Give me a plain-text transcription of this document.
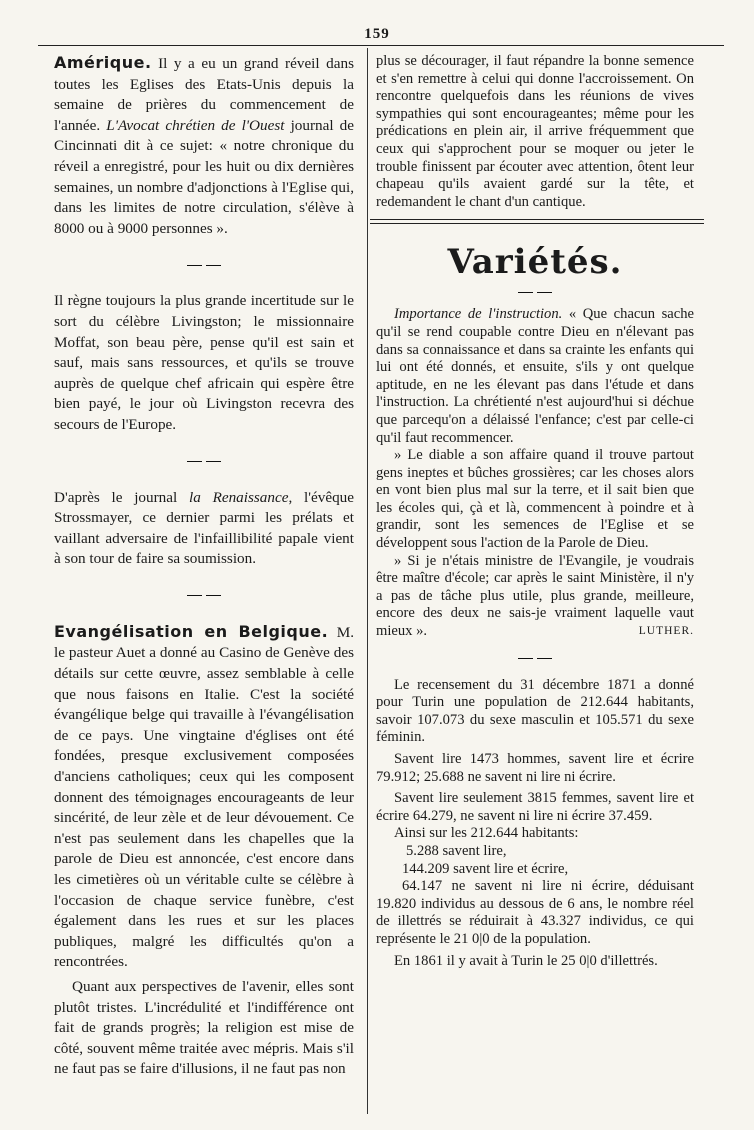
159

Amérique. Il y a eu un grand réveil dans toutes les Eglises des Etats-Unis depuis la semaine de prières du commencement de l'année. L'Avocat chrétien de l'Ouest journal de Cincinnati dit à ce sujet: « notre chronique du réveil a enregistré, pour les huit ou dix dernières semaines, un nombre d'adjonctions à l'Eglise qui, dans les limites de notre circulation, s'élève à 8000 ou à 9000 personnes ».

Il règne toujours la plus grande incertitude sur le sort du célèbre Livingston; le missionnaire Moffat, son beau père, pense qu'il est sain et sauf, mais sans ressources, et qu'ils se trouve auprès de quelque chef africain qui espère être bien payé, le jour où Livingston recevra des secours de l'Europe.

D'après le journal la Renaissance, l'évêque Strossmayer, ce dernier parmi les prélats et vaillant adversaire de l'infaillibilité papale vient à son tour de faire sa soumission.

Evangélisation en Belgique. M. le pasteur Auet a donné au Casino de Genève des détails sur cette œuvre, assez semblable à celle que nous faisons en Italie. C'est la société évangélique belge qui travaille à l'évangélisation de ce pays. Une vingtaine d'églises ont été fondées, presque exclusivement composées d'anciens catholiques; ceux qui les composent donnent des témoignages encourageants de leur sincérité, de leur zèle et de leur dévouement. Ce n'est pas seulement dans les chapelles que la parole de Dieu est annoncée, c'est encore dans les cimetières où un véritable culte se célèbre à l'occasion de chaque service funèbre, c'est également dans les rues et sur les places publiques, malgré les difficultés qu'on a rencontrées.

Quant aux perspectives de l'avenir, elles sont plutôt tristes. L'incrédulité et l'indifférence ont fait de grands progrès; la religion est mise de côté, souvent même traitée avec mépris. Mais s'il ne faut pas se faire d'illusions, il ne faut pas non

plus se décourager, il faut répandre la bonne semence et s'en remettre à celui qui donne l'accroissement. On rencontre quelquefois dans les réunions de vives sympathies qui sont encourageantes; même pour les prédications en plein air, il arrive fréquemment que ceux qui s'approchent pour se moquer ou jeter le trouble finissent par écouter avec attention, ôtent leur chapeau qu'ils avaient gardé sur la tête, et redemandent le chant d'un cantique.

Variétés.

Importance de l'instruction. « Que chacun sache qu'il se rend coupable contre Dieu en n'élevant pas dans sa connaissance et dans sa crainte les enfants qui lui ont été donnés, et ensuite, s'ils y ont quelque aptitude, en ne les élevant pas dans l'étude et dans l'instruction. La chrétienté n'est aujourd'hui si déchue que parcequ'on a délaissé l'enfance; c'est par celle-ci qu'il faut recommencer.

» Le diable a son affaire quand il trouve partout gens ineptes et bûches grossières; car les choses alors en vont bien plus mal sur la terre, et il sait bien que les écoles qui, çà et là, commencent à poindre et à grandir, sont les semences de l'Eglise et se développent sous l'action de la Parole de Dieu.

» Si je n'étais ministre de l'Evangile, je voudrais être maître d'école; car après le saint Ministère, il n'y a pas de tâche plus utile, plus grande, meilleure, encore des deux ne sais-je vraiment laquelle vaut mieux ».	LUTHER.

Le recensement du 31 décembre 1871 a donné pour Turin une population de 212.644 habitants, savoir 107.073 du sexe masculin et 105.571 du sexe féminin.

Savent lire 1473 hommes, savent lire et écrire 79.912; 25.688 ne savent ni lire ni écrire.

Savent lire seulement 3815 femmes, savent lire et écrire 64.279, ne savent ni lire ni écrire 37.459.

Ainsi sur les 212.644 habitants:

5.288 savent lire,

144.209 savent lire et écrire,

64.147 ne savent ni lire ni écrire, déduisant 19.820 individus au dessous de 6 ans, le nombre réel de illettrés se réduirait à 43.327 individus, ce qui représente le 21 0|0 de la population.

En 1861 il y avait à Turin le 25 0|0 d'illettrés.
